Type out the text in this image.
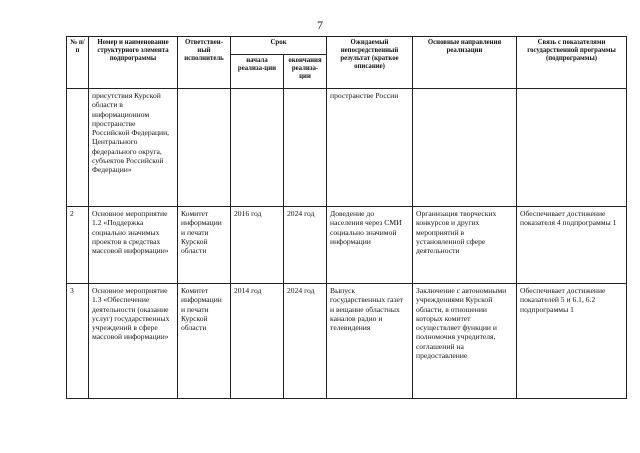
7
№ п/п	Номер и наименование структурного элемента подпрограммы	Ответствен-ный исполнитель	Срок		Ожидаемый непосредственный результат (краткое описание)	Основные направления реализации	Связь с показателями государственной программы (подпрограммы)
			начала реализа-ции	окончания реализа-ции			
	присутствия Курской области в информационном пространстве Российской Федерации, Центрального федерального округа, субъектов Российской Федерации»				пространстве России		
2	Основное мероприятие 1.2 «Поддержка социально значимых проектов в средствах массовой информации»	Комитет информации и печати Курской области	2016 год	2024 год	Доведение до населения через СМИ социально значимой информации	Организация творческих конкурсов и других мероприятий в установленной сфере деятельности	Обеспечивает достижение показателя 4 подпрограммы 1
3	Основное мероприятие 1.3 «Обеспечение деятельности (оказание услуг) государственных учреждений в сфере массовой информации»	Комитет информации и печати Курской области	2014 год	2024 год	Выпуск государственных газет и вещание областных каналов радио и телевидения	Заключение с автономными учреждениями Курской области, в отношении которых комитет осуществляет функции и полномочия учредителя, соглашений на предоставление	Обеспечивает достижение показателей 5 и 6.1, 6.2 подпрограммы 1
